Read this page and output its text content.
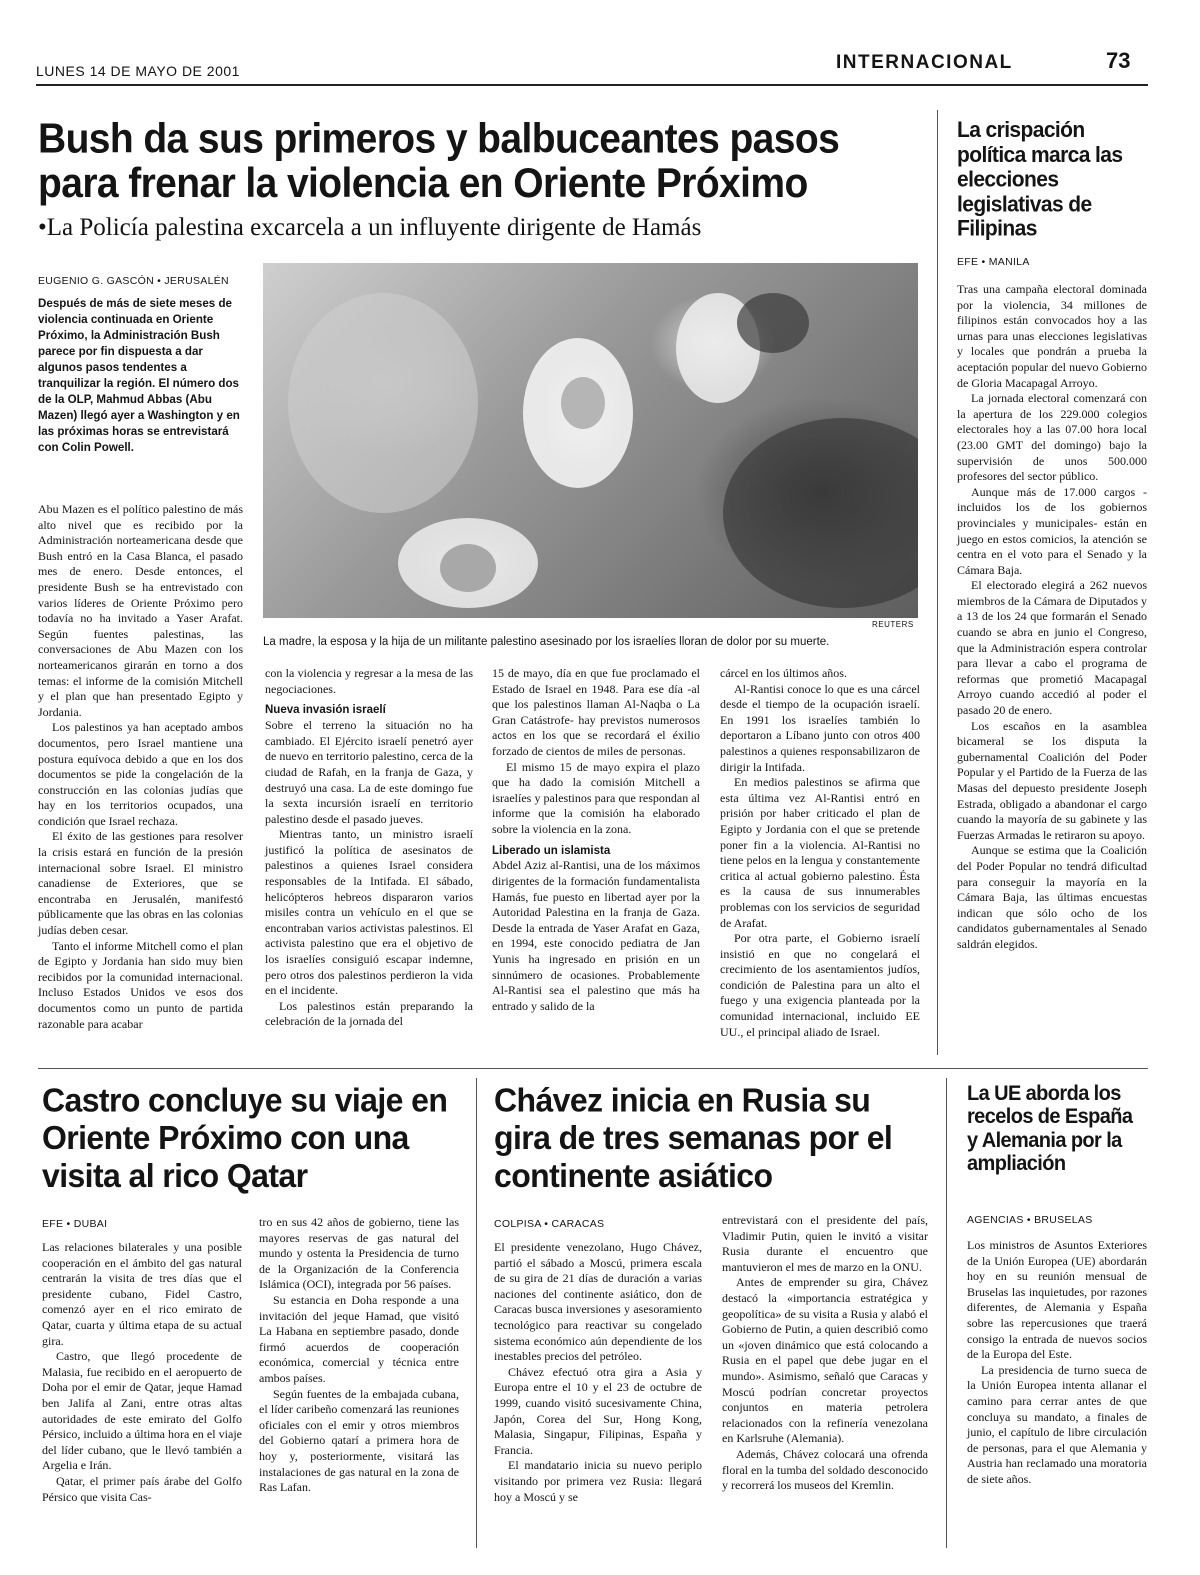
LUNES 14 DE MAYO DE 2001	INTERNACIONAL	73
Bush da sus primeros y balbuceantes pasos
para frenar la violencia en Oriente Próximo
•La Policía palestina excarcela a un influyente dirigente de Hamás
EUGENIO G. GASCÓN • JERUSALÉN
Después de más de siete meses de violencia continuada en Oriente Próximo, la Administración Bush parece por fin dispuesta a dar algunos pasos tendentes a tranquilizar la región. El número dos de la OLP, Mahmud Abbas (Abu Mazen) llegó ayer a Washington y en las próximas horas se entrevistará con Colin Powell.

Abu Mazen es el político palestino de más alto nivel que es recibido por la Administración norteamericana desde que Bush entró en la Casa Blanca, el pasado mes de enero. Desde entonces, el presidente Bush se ha entrevistado con varios líderes de Oriente Próximo pero todavía no ha invitado a Yaser Arafat. Según fuentes palestinas, las conversaciones de Abu Mazen con los norteamericanos girarán en torno a dos temas: el informe de la comisión Mitchell y el plan que han presentado Egipto y Jordania.

Los palestinos ya han aceptado ambos documentos, pero Israel mantiene una postura equívoca debido a que en los dos documentos se pide la congelación de la construcción en las colonias judías que hay en los territorios ocupados, una condición que Israel rechaza.

El éxito de las gestiones para resolver la crisis estará en función de la presión internacional sobre Israel. El ministro canadiense de Exteriores, que se encontraba en Jerusalén, manifestó públicamente que las obras en las colonias judías deben cesar.

Tanto el informe Mitchell como el plan de Egipto y Jordania han sido muy bien recibidos por la comunidad internacional. Incluso Estados Unidos ve esos dos documentos como un punto de partida razonable para acabar

REUTERS
La madre, la esposa y la hija de un militante palestino asesinado por los israelíes lloran de dolor por su muerte.

con la violencia y regresar a la mesa de las negociaciones.

Nueva invasión israelí

Sobre el terreno la situación no ha cambiado. El Ejército israelí penetró ayer de nuevo en territorio palestino, cerca de la ciudad de Rafah, en la franja de Gaza, y destruyó una casa. La de este domingo fue la sexta incursión israelí en territorio palestino desde el pasado jueves.

Mientras tanto, un ministro israelí justificó la política de asesinatos de palestinos a quienes Israel considera responsables de la Intifada. El sábado, helicópteros hebreos dispararon varios misiles contra un vehículo en el que se encontraban varios activistas palestinos. El activista palestino que era el objetivo de los israelíes consiguió escapar indemne, pero otros dos palestinos perdieron la vida en el incidente.

Los palestinos están preparando la celebración de la jornada del

15 de mayo, día en que fue proclamado el Estado de Israel en 1948. Para ese día -al que los palestinos llaman Al-Naqba o La Gran Catástrofe- hay previstos numerosos actos en los que se recordará el éxilio forzado de cientos de miles de personas.

El mismo 15 de mayo expira el plazo que ha dado la comisión Mitchell a israelíes y palestinos para que respondan al informe que la comisión ha elaborado sobre la violencia en la zona.

Liberado un islamista

Abdel Aziz al-Rantisi, una de los máximos dirigentes de la formación fundamentalista Hamás, fue puesto en libertad ayer por la Autoridad Palestina en la franja de Gaza. Desde la entrada de Yaser Arafat en Gaza, en 1994, este conocido pediatra de Jan Yunis ha ingresado en prisión en un sinnúmero de ocasiones. Probablemente Al-Rantisi sea el palestino que más ha entrado y salido de la

cárcel en los últimos años.

Al-Rantisi conoce lo que es una cárcel desde el tiempo de la ocupación israelí. En 1991 los israelíes también lo deportaron a Líbano junto con otros 400 palestinos a quienes responsabilizaron de dirigir la Intifada.

En medios palestinos se afirma que esta última vez Al-Rantisi entró en prisión por haber criticado el plan de Egipto y Jordania con el que se pretende poner fin a la violencia. Al-Rantisi no tiene pelos en la lengua y constantemente critica al actual gobierno palestino. Ésta es la causa de sus innumerables problemas con los servicios de seguridad de Arafat.

Por otra parte, el Gobierno israelí insistió en que no congelará el crecimiento de los asentamientos judíos, condición de Palestina para un alto el fuego y una exigencia planteada por la comunidad internacional, incluido EE UU., el principal aliado de Israel.

La crispación política marca las elecciones legislativas de Filipinas
EFE • MANILA

Tras una campaña electoral dominada por la violencia, 34 millones de filipinos están convocados hoy a las urnas para unas elecciones legislativas y locales que pondrán a prueba la aceptación popular del nuevo Gobierno de Gloria Macapagal Arroyo.

La jornada electoral comenzará con la apertura de los 229.000 colegios electorales hoy a las 07.00 hora local (23.00 GMT del domingo) bajo la supervisión de unos 500.000 profesores del sector público.

Aunque más de 17.000 cargos -incluidos los de los gobiernos provinciales y municipales- están en juego en estos comicios, la atención se centra en el voto para el Senado y la Cámara Baja.

El electorado elegirá a 262 nuevos miembros de la Cámara de Diputados y a 13 de los 24 que formarán el Senado cuando se abra en junio el Congreso, que la Administración espera controlar para llevar a cabo el programa de reformas que prometió Macapagal Arroyo cuando accedió al poder el pasado 20 de enero.

Los escaños en la asamblea bicameral se los disputa la gubernamental Coalición del Poder Popular y el Partido de la Fuerza de las Masas del depuesto presidente Joseph Estrada, obligado a abandonar el cargo cuando la mayoría de su gabinete y las Fuerzas Armadas le retiraron su apoyo.

Aunque se estima que la Coalición del Poder Popular no tendrá dificultad para conseguir la mayoría en la Cámara Baja, las últimas encuestas indican que sólo ocho de los candidatos gubernamentales al Senado saldrán elegidos.

Castro concluye su viaje en Oriente Próximo con una visita al rico Qatar
EFE • DUBAI

Las relaciones bilaterales y una posible cooperación en el ámbito del gas natural centrarán la visita de tres días que el presidente cubano, Fidel Castro, comenzó ayer en el rico emirato de Qatar, cuarta y última etapa de su actual gira.

Castro, que llegó procedente de Malasia, fue recibido en el aeropuerto de Doha por el emir de Qatar, jeque Hamad ben Jalifa al Zani, entre otras altas autoridades de este emirato del Golfo Pérsico, incluido a última hora en el viaje del líder cubano, que le llevó también a Argelia e Irán.

Qatar, el primer país árabe del Golfo Pérsico que visita Cas-

tro en sus 42 años de gobierno, tiene las mayores reservas de gas natural del mundo y ostenta la Presidencia de turno de la Organización de la Conferencia Islámica (OCI), integrada por 56 países.

Su estancia en Doha responde a una invitación del jeque Hamad, que visitó La Habana en septiembre pasado, donde firmó acuerdos de cooperación económica, comercial y técnica entre ambos países.

Según fuentes de la embajada cubana, el líder caribeño comenzará las reuniones oficiales con el emir y otros miembros del Gobierno qatarí a primera hora de hoy y, posteriormente, visitará las instalaciones de gas natural en la zona de Ras Lafan.

Chávez inicia en Rusia su gira de tres semanas por el continente asiático
COLPISA • CARACAS

El presidente venezolano, Hugo Chávez, partió el sábado a Moscú, primera escala de su gira de 21 días de duración a varias naciones del continente asiático, don de Caracas busca inversiones y asesoramiento tecnológico para reactivar su congelado sistema económico aún dependiente de los inestables precios del petróleo.

Chávez efectuó otra gira a Asia y Europa entre el 10 y el 23 de octubre de 1999, cuando visitó sucesivamente China, Japón, Corea del Sur, Hong Kong, Malasia, Singapur, Filipinas, España y Francia.

El mandatario inicia su nuevo periplo visitando por primera vez Rusia: llegará hoy a Moscú y se

entrevistará con el presidente del país, Vladimir Putin, quien le invitó a visitar Rusia durante el encuentro que mantuvieron el mes de marzo en la ONU.

Antes de emprender su gira, Chávez destacó la «importancia estratégica y geopolítica» de su visita a Rusia y alabó el Gobierno de Putin, a quien describió como un «joven dinámico que está colocando a Rusia en el papel que debe jugar en el mundo». Asimismo, señaló que Caracas y Moscú podrían concretar proyectos conjuntos en materia petrolera relacionados con la refinería venezolana en Karlsruhe (Alemania).

Además, Chávez colocará una ofrenda floral en la tumba del soldado desconocido y recorrerá los museos del Kremlin.

La UE aborda los recelos de España y Alemania por la ampliación
AGENCIAS • BRUSELAS

Los ministros de Asuntos Exteriores de la Unión Europea (UE) abordarán hoy en su reunión mensual de Bruselas las inquietudes, por razones diferentes, de Alemania y España sobre las repercusiones que traerá consigo la entrada de nuevos socios de la Europa del Este.

La presidencia de turno sueca de la Unión Europea intenta allanar el camino para cerrar antes de que concluya su mandato, a finales de junio, el capítulo de libre circulación de personas, para el que Alemania y Austria han reclamado una moratoria de siete años.
